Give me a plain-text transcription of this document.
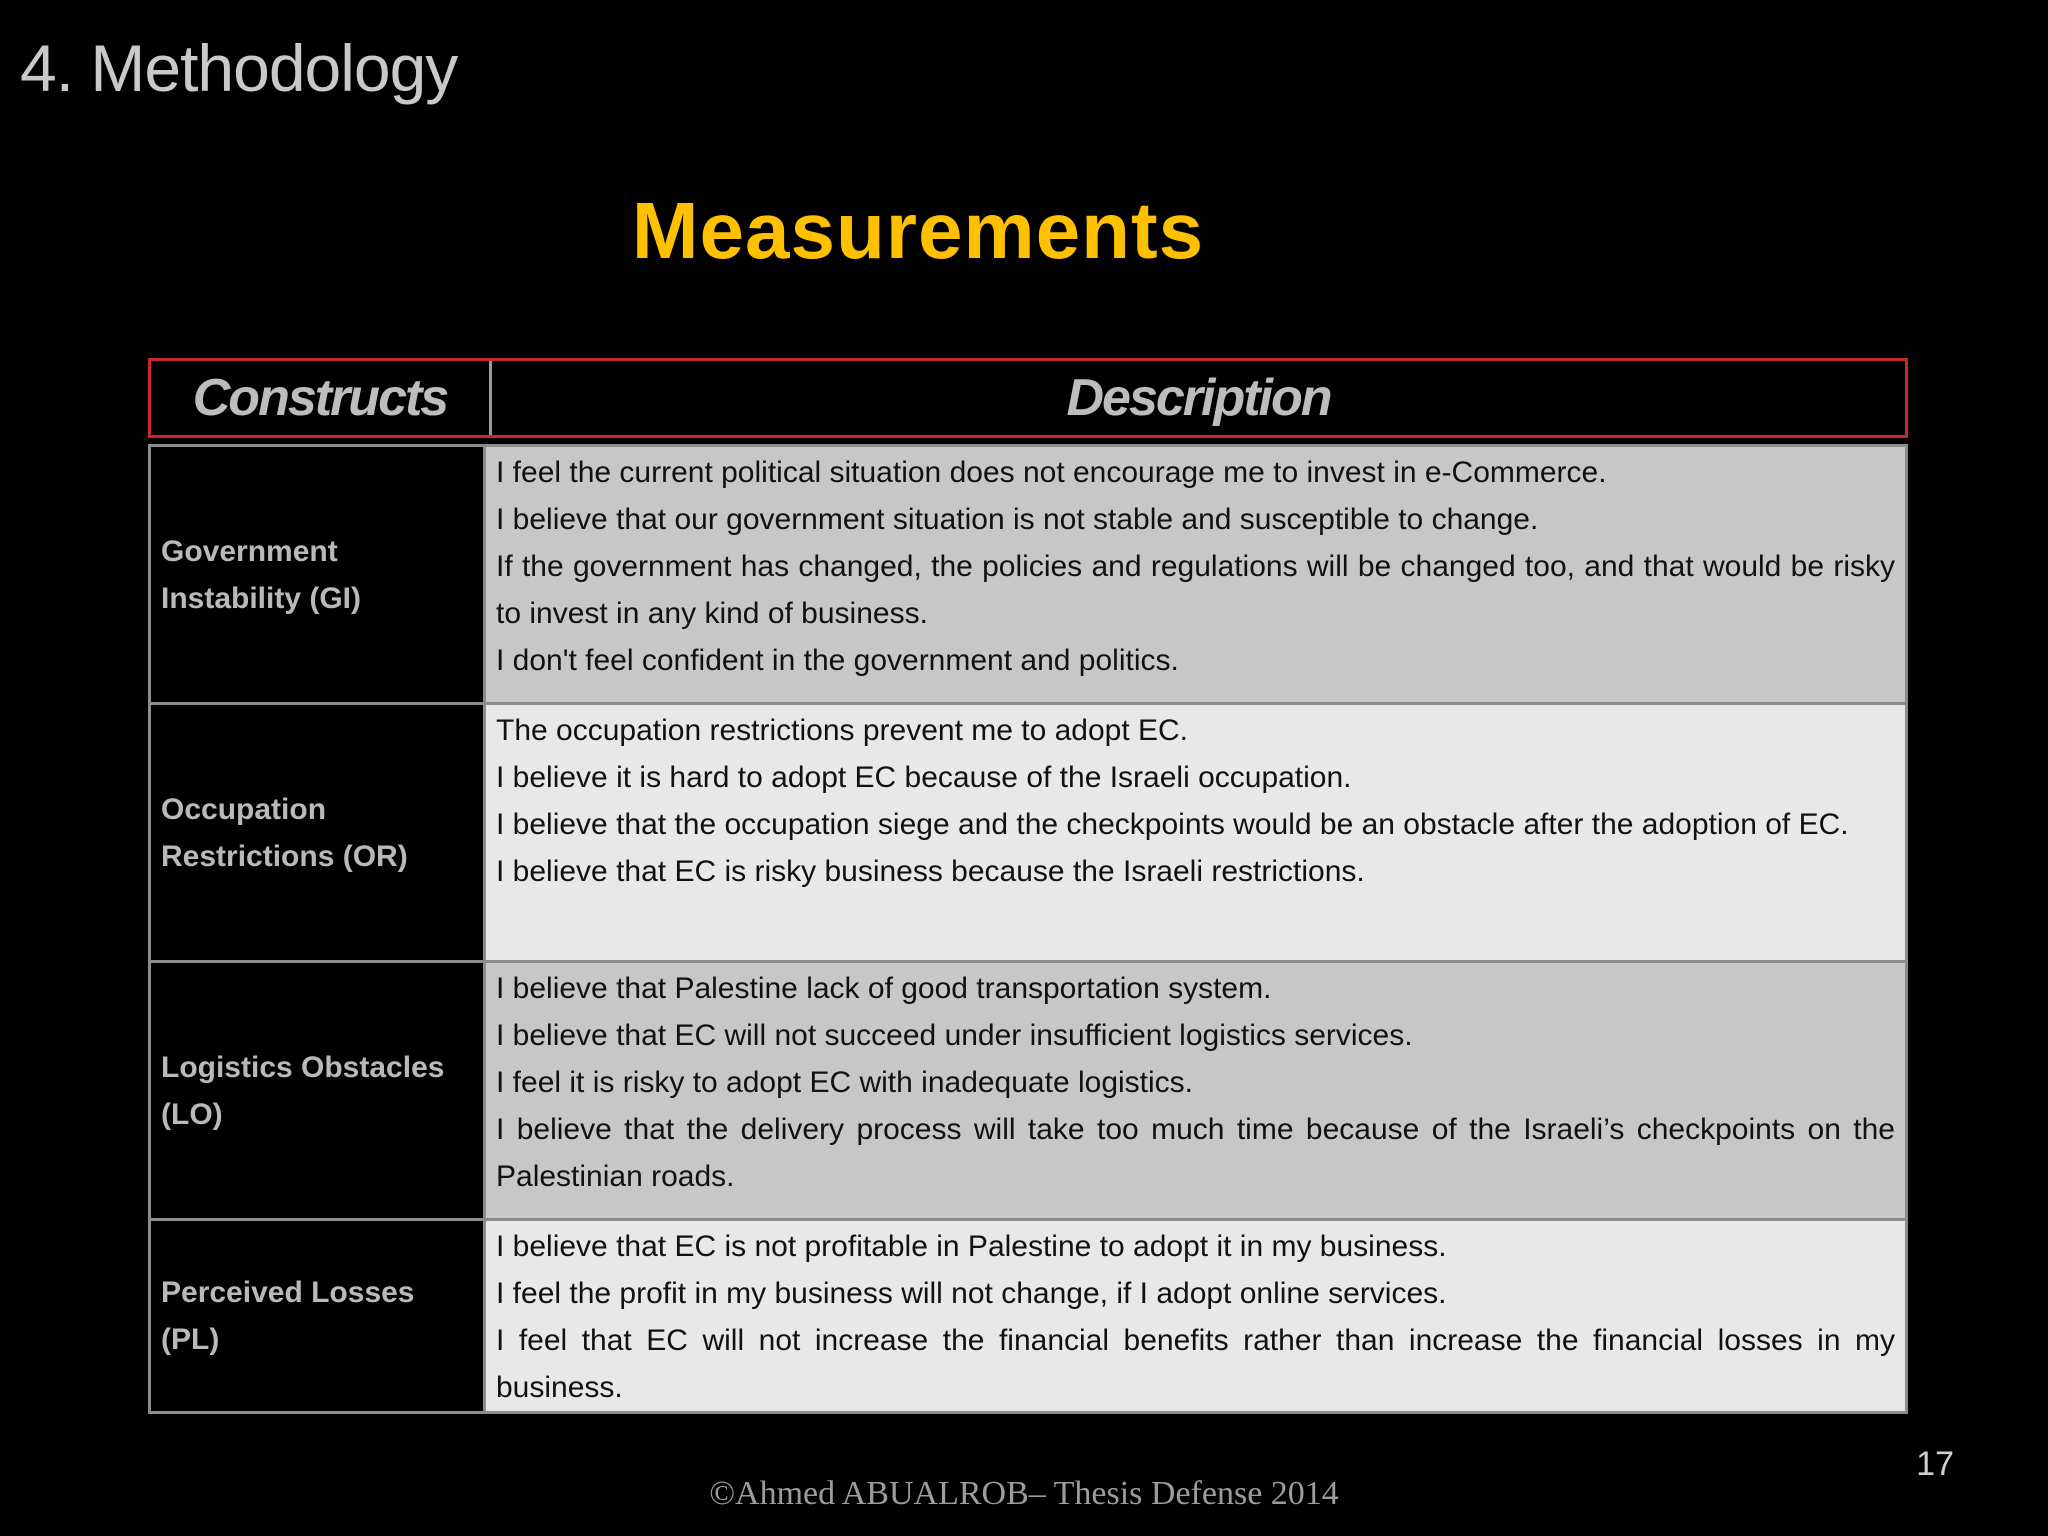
4. Methodology
Measurements
Constructs	Description
Government Instability (GI)

I feel the current political situation does not encourage me to invest in e-Commerce.

I believe that our government situation is not stable and susceptible to change.

If the government has changed, the policies and regulations will be changed too, and that would be risky to invest in any kind of business.

I don't feel confident in the government and politics.

Occupation Restrictions (OR)

The occupation restrictions prevent me to adopt EC.

I believe it is hard to adopt EC because of the Israeli occupation.

I believe that the occupation siege and the checkpoints would be an obstacle after the adoption of EC.

I believe that EC is risky business because the Israeli restrictions.

Logistics Obstacles (LO)

I believe that Palestine lack of good transportation system.

I believe that EC will not succeed under insufficient logistics services.

I feel it is risky to adopt EC with inadequate logistics.

I believe that the delivery process will take too much time because of the Israeli’s checkpoints on the Palestinian roads.

Perceived Losses (PL)

I believe that EC is not profitable in Palestine to adopt it in my business.

I feel the profit in my business will not change, if I adopt online services.

I feel that EC will not increase the financial benefits rather than increase the financial losses in my business.

17
©Ahmed ABUALROB– Thesis Defense 2014
